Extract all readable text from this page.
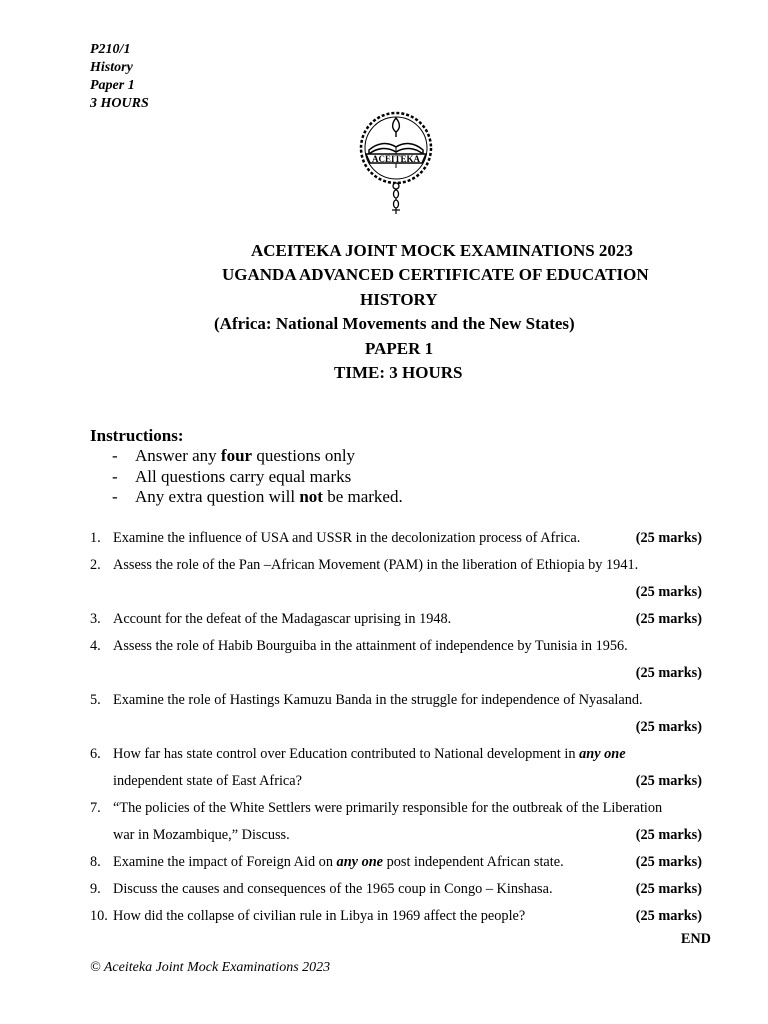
P210/1
History
Paper 1
3 HOURS
ACEITEKA
ACEITEKA JOINT MOCK EXAMINATIONS 2023
UGANDA ADVANCED CERTIFICATE OF EDUCATION
HISTORY
(Africa: National Movements and the New States)
PAPER 1
TIME: 3 HOURS
Instructions:
- Answer any four questions only
- All questions carry equal marks
- Any extra question will not be marked.
1. Examine the influence of USA and USSR in the decolonization process of Africa.	(25 marks)
2. Assess the role of the Pan –African Movement (PAM) in the liberation of Ethiopia by 1941.
(25 marks)
3. Account for the defeat of the Madagascar uprising in 1948.	(25 marks)
4. Assess the role of Habib Bourguiba in the attainment of independence by Tunisia in 1956.
(25 marks)
5. Examine the role of Hastings Kamuzu Banda in the struggle for independence of Nyasaland.
(25 marks)
6. How far has state control over Education contributed to National development in any one
independent state of East Africa?	(25 marks)
7. “The policies of the White Settlers were primarily responsible for the outbreak of the Liberation
war in Mozambique,” Discuss.	(25 marks)
8. Examine the impact of Foreign Aid on any one post independent African state.	(25 marks)
9. Discuss the causes and consequences of the 1965 coup in Congo – Kinshasa.	(25 marks)
10. How did the collapse of civilian rule in Libya in 1969 affect the people?	(25 marks)
END
© Aceiteka Joint Mock Examinations 2023
